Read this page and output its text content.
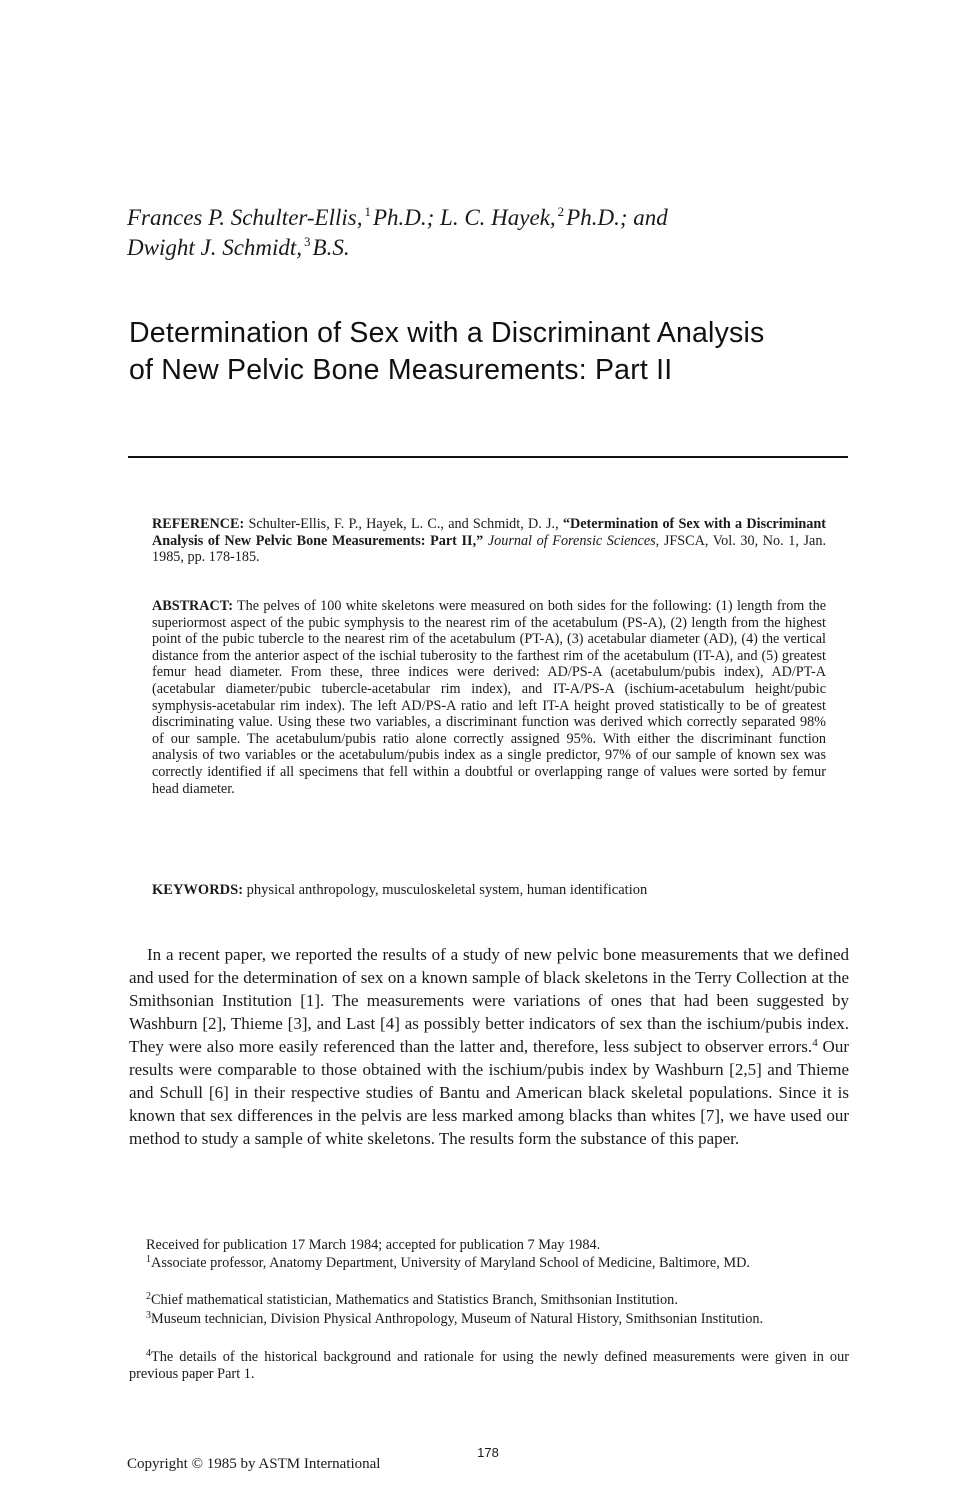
Frances P. Schulter-Ellis, $^1$Ph.D.; L. C. Hayek, $^2$Ph.D.; and
Dwight J. Schmidt, $^3$B.S.
Determination of Sex with a Discriminant Analysis
of New Pelvic Bone Measurements: Part II
REFERENCE: Schulter-Ellis, F. P., Hayek, L. C., and Schmidt, D. J., “Determination of Sex with a Discriminant Analysis of New Pelvic Bone Measurements: Part II,” Journal of Forensic Sciences, JFSCA, Vol. 30, No. 1, Jan. 1985, pp. 178-185.
ABSTRACT: The pelves of 100 white skeletons were measured on both sides for the following: (1) length from the superiormost aspect of the pubic symphysis to the nearest rim of the acetabulum (PS-A), (2) length from the highest point of the pubic tubercle to the nearest rim of the acetabulum (PT-A), (3) acetabular diameter (AD), (4) the vertical distance from the anterior aspect of the ischial tuberosity to the farthest rim of the acetabulum (IT-A), and (5) greatest femur head diameter. From these, three indices were derived: AD/PS-A (acetabulum/pubis index), AD/PT-A (acetabular diameter/pubic tubercle-acetabular rim index), and IT-A/PS-A (ischium-acetabulum height/pubic symphysis-acetabular rim index). The left AD/PS-A ratio and left IT-A height proved statistically to be of greatest discriminating value. Using these two variables, a discriminant function was derived which correctly separated 98% of our sample. The acetabulum/pubis ratio alone correctly assigned 95%. With either the discriminant function analysis of two variables or the acetabulum/pubis index as a single predictor, 97% of our sample of known sex was correctly identified if all specimens that fell within a doubtful or overlapping range of values were sorted by femur head diameter.
KEYWORDS: physical anthropology, musculoskeletal system, human identification
In a recent paper, we reported the results of a study of new pelvic bone measurements that we defined and used for the determination of sex on a known sample of black skeletons in the Terry Collection at the Smithsonian Institution [1]. The measurements were variations of ones that had been suggested by Washburn [2], Thieme [3], and Last [4] as possibly better indicators of sex than the ischium/pubis index. They were also more easily referenced than the latter and, therefore, less subject to observer errors.$^4$ Our results were comparable to those obtained with the ischium/pubis index by Washburn [2,5] and Thieme and Schull [6] in their respective studies of Bantu and American black skeletal populations. Since it is known that sex differences in the pelvis are less marked among blacks than whites [7], we have used our method to study a sample of white skeletons. The results form the substance of this paper.
Received for publication 17 March 1984; accepted for publication 7 May 1984.
$^1$Associate professor, Anatomy Department, University of Maryland School of Medicine, Baltimore, MD.
$^2$Chief mathematical statistician, Mathematics and Statistics Branch, Smithsonian Institution.
$^3$Museum technician, Division Physical Anthropology, Museum of Natural History, Smithsonian Institution.
$^4$The details of the historical background and rationale for using the newly defined measurements were given in our previous paper Part 1.
178
Copyright © 1985 by ASTM International
